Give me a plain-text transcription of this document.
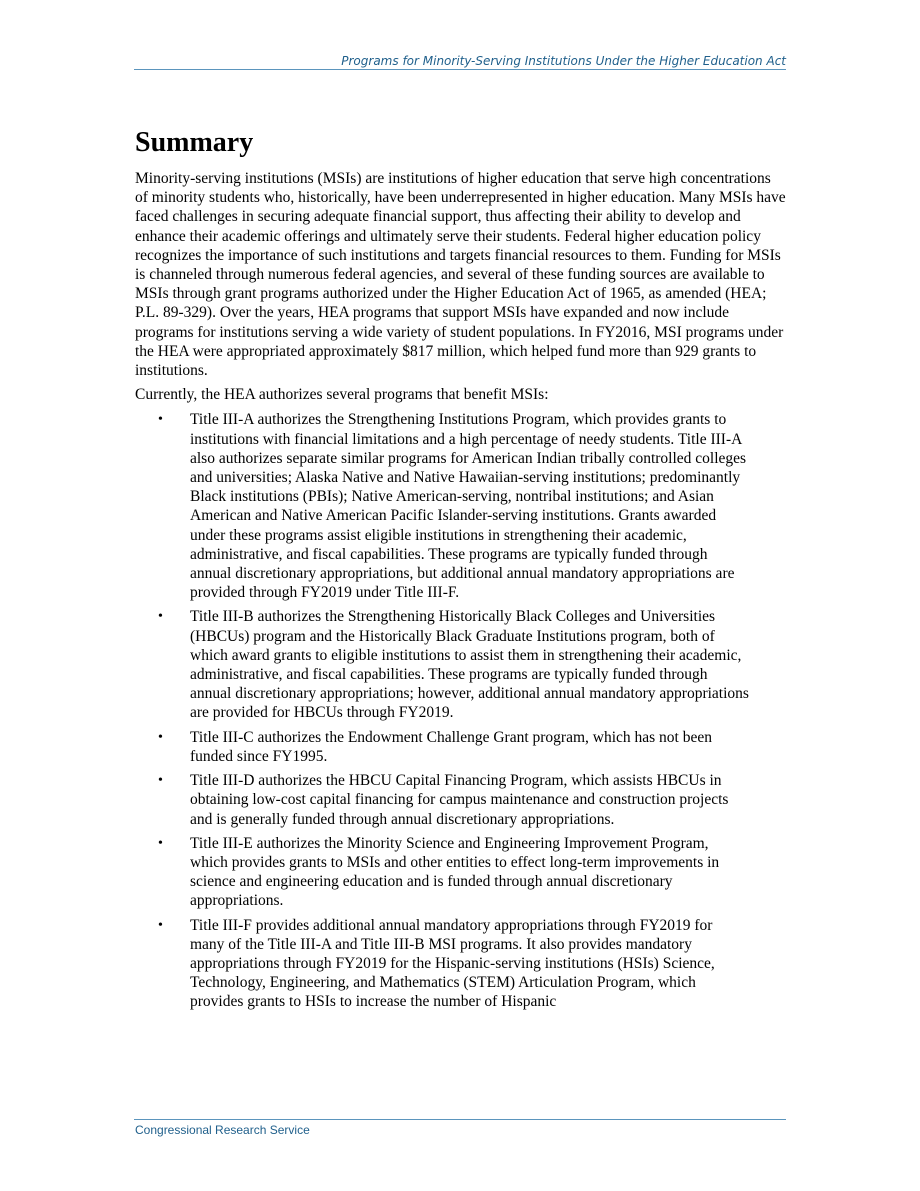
Programs for Minority-Serving Institutions Under the Higher Education Act
Summary

Minority-serving institutions (MSIs) are institutions of higher education that serve high concentrations of minority students who, historically, have been underrepresented in higher education. Many MSIs have faced challenges in securing adequate financial support, thus affecting their ability to develop and enhance their academic offerings and ultimately serve their students. Federal higher education policy recognizes the importance of such institutions and targets financial resources to them. Funding for MSIs is channeled through numerous federal agencies, and several of these funding sources are available to MSIs through grant programs authorized under the Higher Education Act of 1965, as amended (HEA; P.L. 89-329). Over the years, HEA programs that support MSIs have expanded and now include programs for institutions serving a wide variety of student populations. In FY2016, MSI programs under the HEA were appropriated approximately $817 million, which helped fund more than 929 grants to institutions.

Currently, the HEA authorizes several programs that benefit MSIs:

• Title III-A authorizes the Strengthening Institutions Program, which provides grants to institutions with financial limitations and a high percentage of needy students. Title III-A also authorizes separate similar programs for American Indian tribally controlled colleges and universities; Alaska Native and Native Hawaiian-serving institutions; predominantly Black institutions (PBIs); Native American-serving, nontribal institutions; and Asian American and Native American Pacific Islander-serving institutions. Grants awarded under these programs assist eligible institutions in strengthening their academic, administrative, and fiscal capabilities. These programs are typically funded through annual discretionary appropriations, but additional annual mandatory appropriations are provided through FY2019 under Title III-F.
• Title III-B authorizes the Strengthening Historically Black Colleges and Universities (HBCUs) program and the Historically Black Graduate Institutions program, both of which award grants to eligible institutions to assist them in strengthening their academic, administrative, and fiscal capabilities. These programs are typically funded through annual discretionary appropriations; however, additional annual mandatory appropriations are provided for HBCUs through FY2019.
• Title III-C authorizes the Endowment Challenge Grant program, which has not been funded since FY1995.
• Title III-D authorizes the HBCU Capital Financing Program, which assists HBCUs in obtaining low-cost capital financing for campus maintenance and construction projects and is generally funded through annual discretionary appropriations.
• Title III-E authorizes the Minority Science and Engineering Improvement Program, which provides grants to MSIs and other entities to effect long-term improvements in science and engineering education and is funded through annual discretionary appropriations.
• Title III-F provides additional annual mandatory appropriations through FY2019 for many of the Title III-A and Title III-B MSI programs. It also provides mandatory appropriations through FY2019 for the Hispanic-serving institutions (HSIs) Science, Technology, Engineering, and Mathematics (STEM) Articulation Program, which provides grants to HSIs to increase the number of Hispanic
Congressional Research Service
